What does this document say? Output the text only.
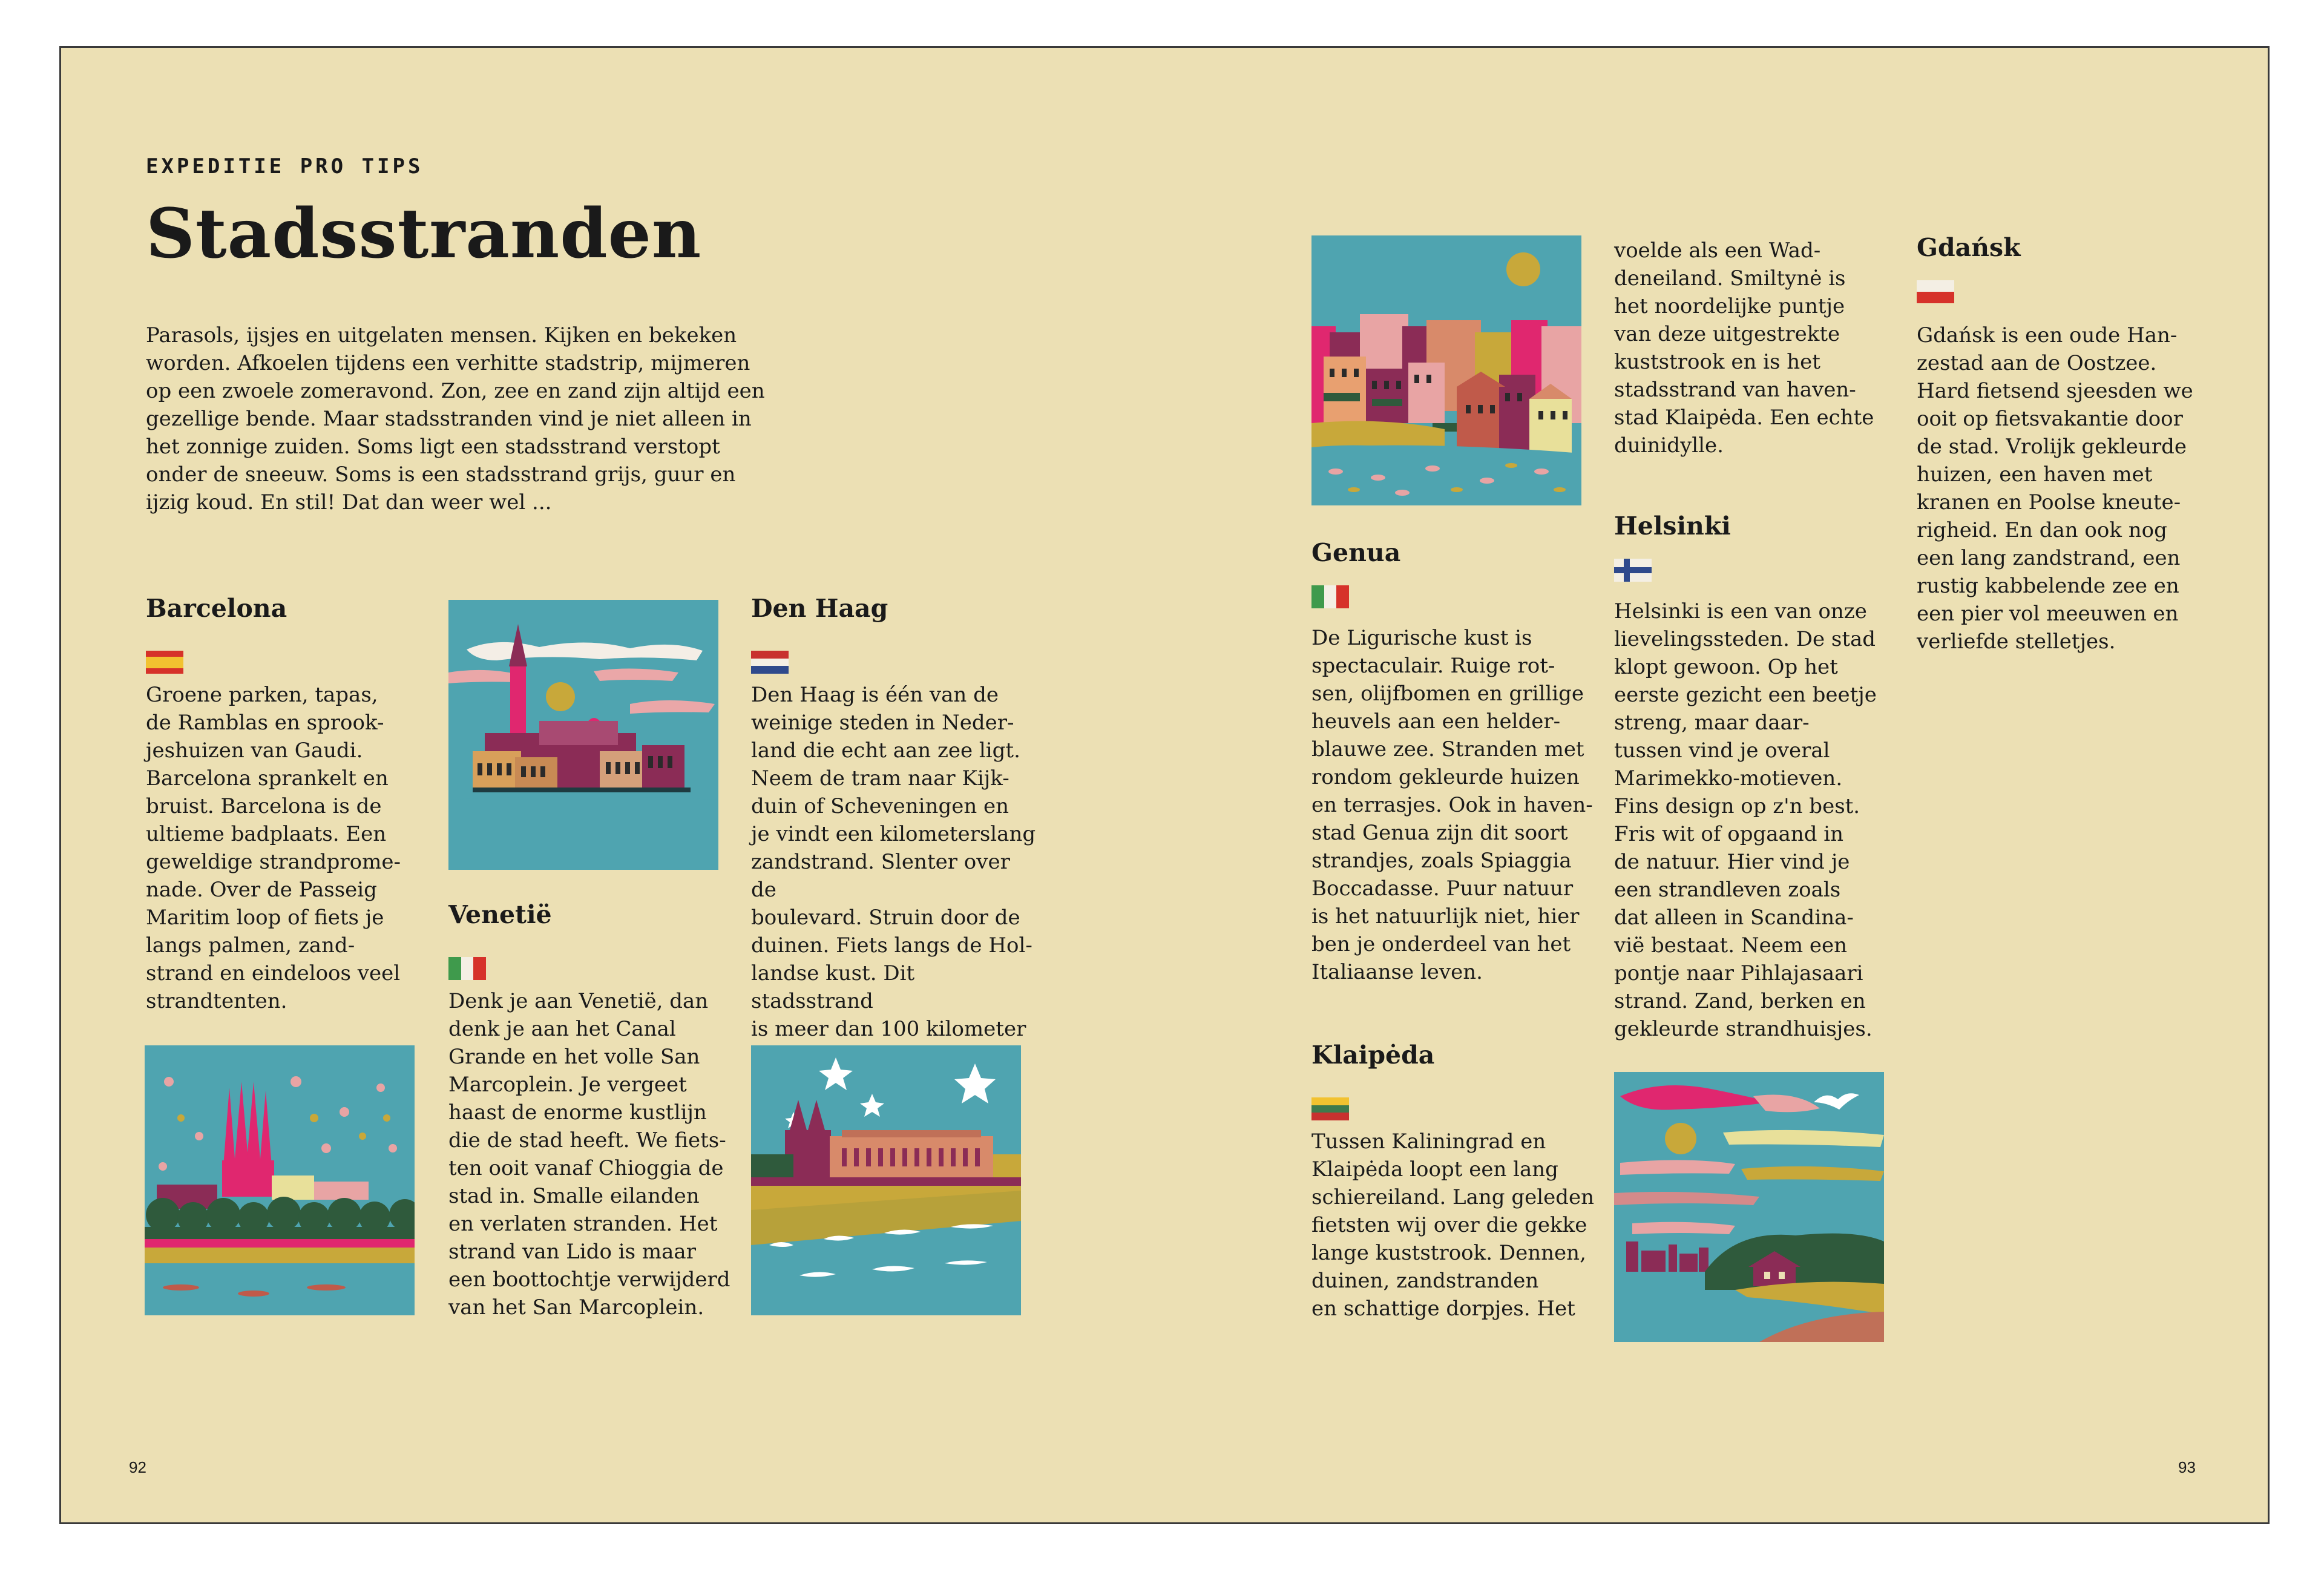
EXPEDITIE PRO TIPS
Stadsstranden
Parasols, ijsjes en uitgelaten mensen. Kijken en bekeken worden. Afkoelen tijdens een verhitte stadstrip, mijmeren op een zwoele zomeravond. Zon, zee en zand zijn altijd een gezellige bende. Maar stadsstranden vind je niet alleen in het zonnige zuiden. Soms ligt een stadsstrand verstopt onder de sneeuw. Soms is een stadsstrand grijs, guur en ijzig koud. En stil! Dat dan weer wel ...
Barcelona
Groene parken, tapas,
de Ramblas en sprook-
jeshuizen van Gaudi.
Barcelona sprankelt en
bruist. Barcelona is de
ultieme badplaats. Een
geweldige strandprome-
nade. Over de Passeig
Maritim loop of fiets je
langs palmen, zand-
strand en eindeloos veel
strandtenten.
Venetië
Denk je aan Venetië, dan
denk je aan het Canal
Grande en het volle San
Marcoplein. Je vergeet
haast de enorme kustlijn
die de stad heeft. We fiets-
ten ooit vanaf Chioggia de
stad in. Smalle eilanden
en verlaten stranden. Het
strand van Lido is maar
een boottochtje verwijderd
van het San Marcoplein.
Den Haag
Den Haag is één van de
weinige steden in Neder-
land die echt aan zee ligt.
Neem de tram naar Kijk-
duin of Scheveningen en
je vindt een kilometerslang
zandstrand. Slenter over de
boulevard. Struin door de
duinen. Fiets langs de Hol-
landse kust. Dit stadsstrand
is meer dan 100 kilometer

92
Genua
De Ligurische kust is
spectaculair. Ruige rot-
sen, olijfbomen en grillige
heuvels aan een helder-
blauwe zee. Stranden met
rondom gekleurde huizen
en terrasjes. Ook in haven-
stad Genua zijn dit soort
strandjes, zoals Spiaggia
Boccadasse. Puur natuur
is het natuurlijk niet, hier
ben je onderdeel van het
Italiaanse leven.
Klaipėda
Tussen Kaliningrad en
Klaipėda loopt een lang
schiereiland. Lang geleden
fietsten wij over die gekke
lange kuststrook. Dennen,
duinen, zandstranden
en schattige dorpjes. Het
voelde als een Wad-
deneiland. Smiltynė is
het noordelijke puntje
van deze uitgestrekte
kuststrook en is het
stadsstrand van haven-
stad Klaipėda. Een echte
duinidylle.
Helsinki
Helsinki is een van onze
lievelingssteden. De stad
klopt gewoon. Op het
eerste gezicht een beetje
streng, maar daar-
tussen vind je overal
Marimekko-motieven.
Fins design op z'n best.
Fris wit of opgaand in
de natuur. Hier vind je
een strandleven zoals
dat alleen in Scandina-
vië bestaat. Neem een
pontje naar Pihlajasaari
strand. Zand, berken en
gekleurde strandhuisjes.
Gdańsk
Gdańsk is een oude Han-
zestad aan de Oostzee.
Hard fietsend sjeesden we
ooit op fietsvakantie door
de stad. Vrolijk gekleurde
huizen, een haven met
kranen en Poolse kneute-
righeid. En dan ook nog
een lang zandstrand, een
rustig kabbelende zee en
een pier vol meeuwen en
verliefde stelletjes.
93
